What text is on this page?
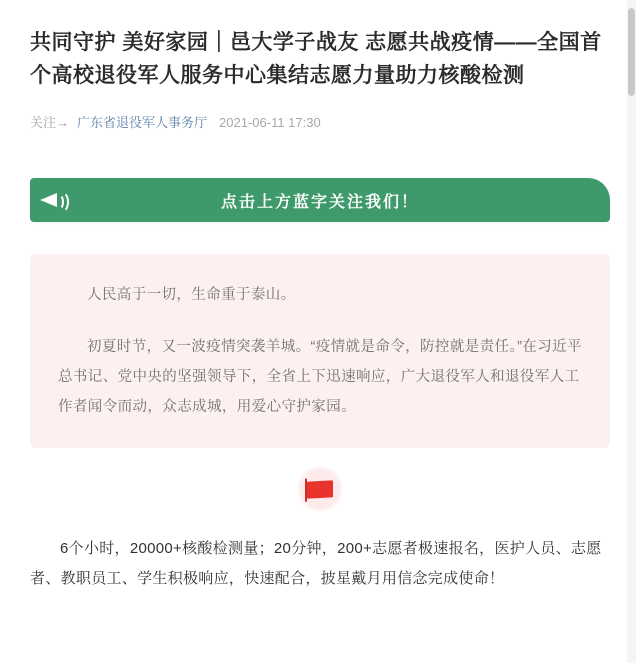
共同守护 美好家园｜邑大学子战友 志愿共战疫情——全国首个高校退役军人服务中心集结志愿力量助力核酸检测
关注→ 广东省退役军人事务厅 2021-06-11 17:30
点击上方蓝字关注我们！

人民高于一切，生命重于泰山。

初夏时节，又一波疫情突袭羊城。“疫情就是命令，防控就是责任。”在习近平总书记、党中央的坚强领导下，全省上下迅速响应，广大退役军人和退役军人工作者闻令而动，众志成城，用爱心守护家园。

6个小时，20000+核酸检测量；20分钟，200+志愿者极速报名，医护人员、志愿者、教职员工、学生积极响应，快速配合，披星戴月用信念完成使命！
